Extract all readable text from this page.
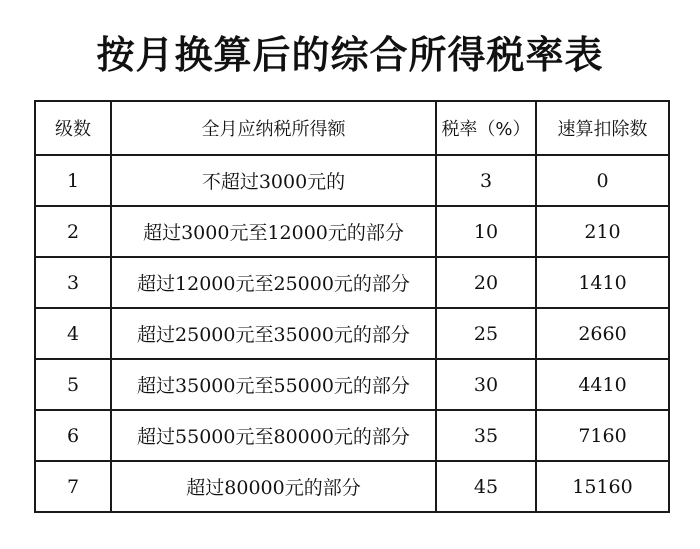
按月换算后的综合所得税率表
级数	全月应纳税所得额	税率（%）	速算扣除数
1	不超过3000元的	3	0
2	超过3000元至12000元的部分	10	210
3	超过12000元至25000元的部分	20	1410
4	超过25000元至35000元的部分	25	2660
5	超过35000元至55000元的部分	30	4410
6	超过55000元至80000元的部分	35	7160
7	超过80000元的部分	45	15160
